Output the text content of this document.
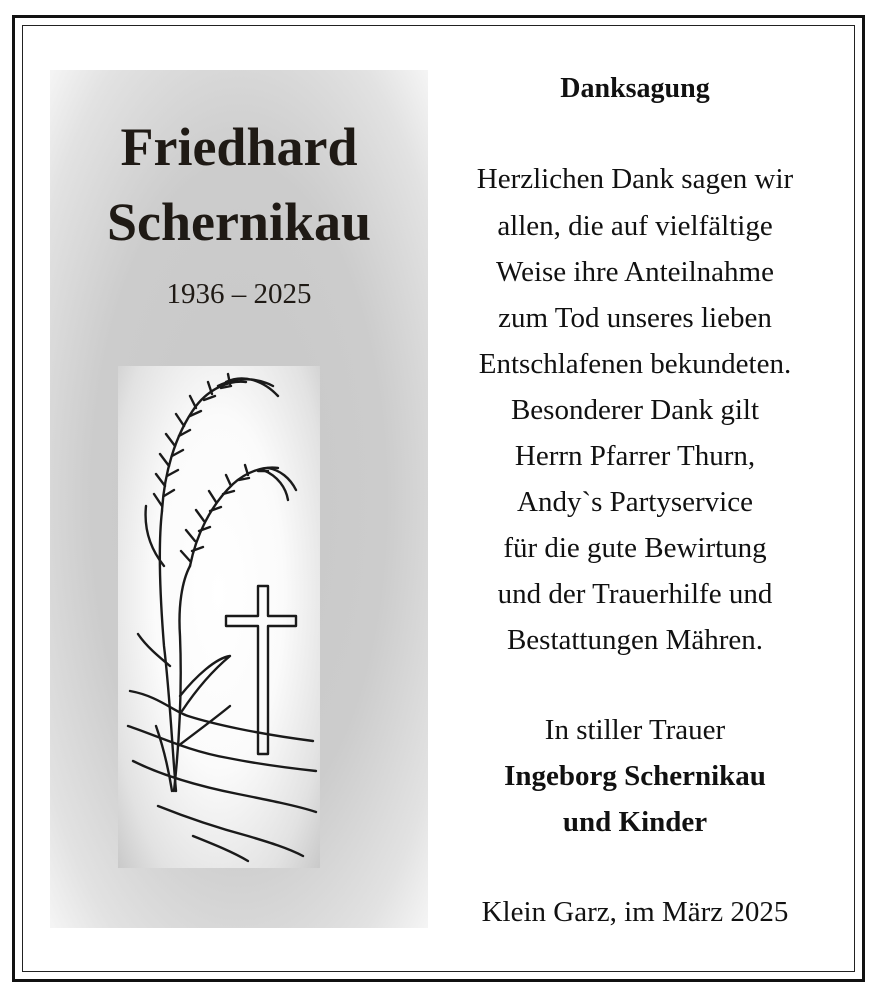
Friedhard
Schernikau
1936 – 2025
Danksagung
Herzlichen Dank sagen wir
allen, die auf vielfältige
Weise ihre Anteilnahme
zum Tod unseres lieben
Entschlafenen bekundeten.
Besonderer Dank gilt
Herrn Pfarrer Thurn,
Andy`s Partyservice
für die gute Bewirtung
und der Trauerhilfe und
Bestattungen Mähren.
In stiller Trauer
Ingeborg Schernikau
und Kinder
Klein Garz, im März 2025
